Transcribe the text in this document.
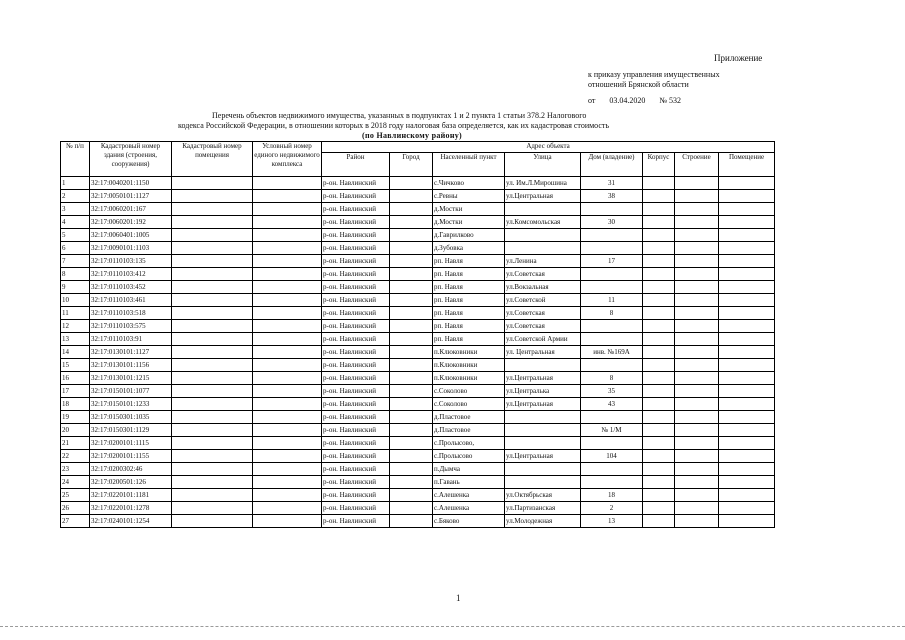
Приложение
к приказу управления имущественных
отношений Брянской области
от 03.04.2020 № 532
Перечень объектов недвижимого имущества, указанных в подпунктах 1 и 2 пункта 1 статьи 378.2 Налогового
кодекса Российской Федерации, в отношении которых в 2018 году налоговая база определяется, как их кадастровая стоимость
(по Навлинскому району)
№ п/п	Кадастровый номер здания (строения, сооружения)	Кадастровый номер помещения	Условный номер единого недвижимого комплекса	Адрес объекта							
				Район	Город	Населенный пункт	Улица	Дом (владение)	Корпус	Строение	Помещение
1	32:17:0040201:1150			р-он. Навлинский		с.Чичково	ул. Им.Л.Мирошина	31			
2	32:17:0050101:1127			р-он. Навлинский		с.Ревны	ул.Центральная	38			
3	32:17:0060201:167			р-он. Навлинский		д.Мостки					
4	32:17:0060201:192			р-он. Навлинский		д.Мостки	ул.Комсомольская	30			
5	32:17:0060401:1005			р-он. Навлинский		д.Гаврилково					
6	32:17:0090101:1103			р-он. Навлинский		д.Зубовка					
7	32:17:0110103:135			р-он. Навлинский		рп. Навля	ул.Ленина	17			
8	32:17:0110103:412			р-он. Навлинский		рп. Навля	ул.Советская				
9	32:17:0110103:452			р-он. Навлинский		рп. Навля	ул.Вокзальная				
10	32:17:0110103:461			р-он. Навлинский		рп. Навля	ул.Советской	11			
11	32:17:0110103:518			р-он. Навлинский		рп. Навля	ул.Советская	8			
12	32:17:0110103:575			р-он. Навлинский		рп. Навля	ул.Советская				
13	32:17:0110103:91			р-он. Навлинский		рп. Навля	ул.Советской Армии				
14	32:17:0130101:1127			р-он. Навлинский		п.Клюковники	ул. Центральная	инв. №169А			
15	32:17:0130101:1156			р-он. Навлинский		п.Клюковники					
16	32:17:0130101:1215			р-он. Навлинский		п.Клюковники	ул.Центральная	8			
17	32:17:0150101:1077			р-он. Навлинский		с.Соколово	ул.Централька	35			
18	32:17:0150101:1233			р-он. Навлинский		с.Соколово	ул.Центральная	43			
19	32:17:0150301:1035			р-он. Навлинский		д.Пластовое					
20	32:17:0150301:1129			р-он. Навлинский		д.Пластовое		№ 1/М			
21	32:17:0200101:1115			р-он. Навлинский		с.Пролысово,					
22	32:17:0200101:1155			р-он. Навлинский		с.Пролысово	ул.Центральная	104			
23	32:17:0200302:46			р-он. Навлинский		п.Дымча					
24	32:17:0200501:126			р-он. Навлинский		п.Гавань					
25	32:17:0220101:1181			р-он. Навлинский		с.Алешенка	ул.Октябрьская	18			
26	32:17:0220101:1278			р-он. Навлинский		с.Алешенка	ул.Партизанская	2			
27	32:17:0240101:1254			р-он. Навлинский		с.Бяково	ул.Молодежная	13			
1
